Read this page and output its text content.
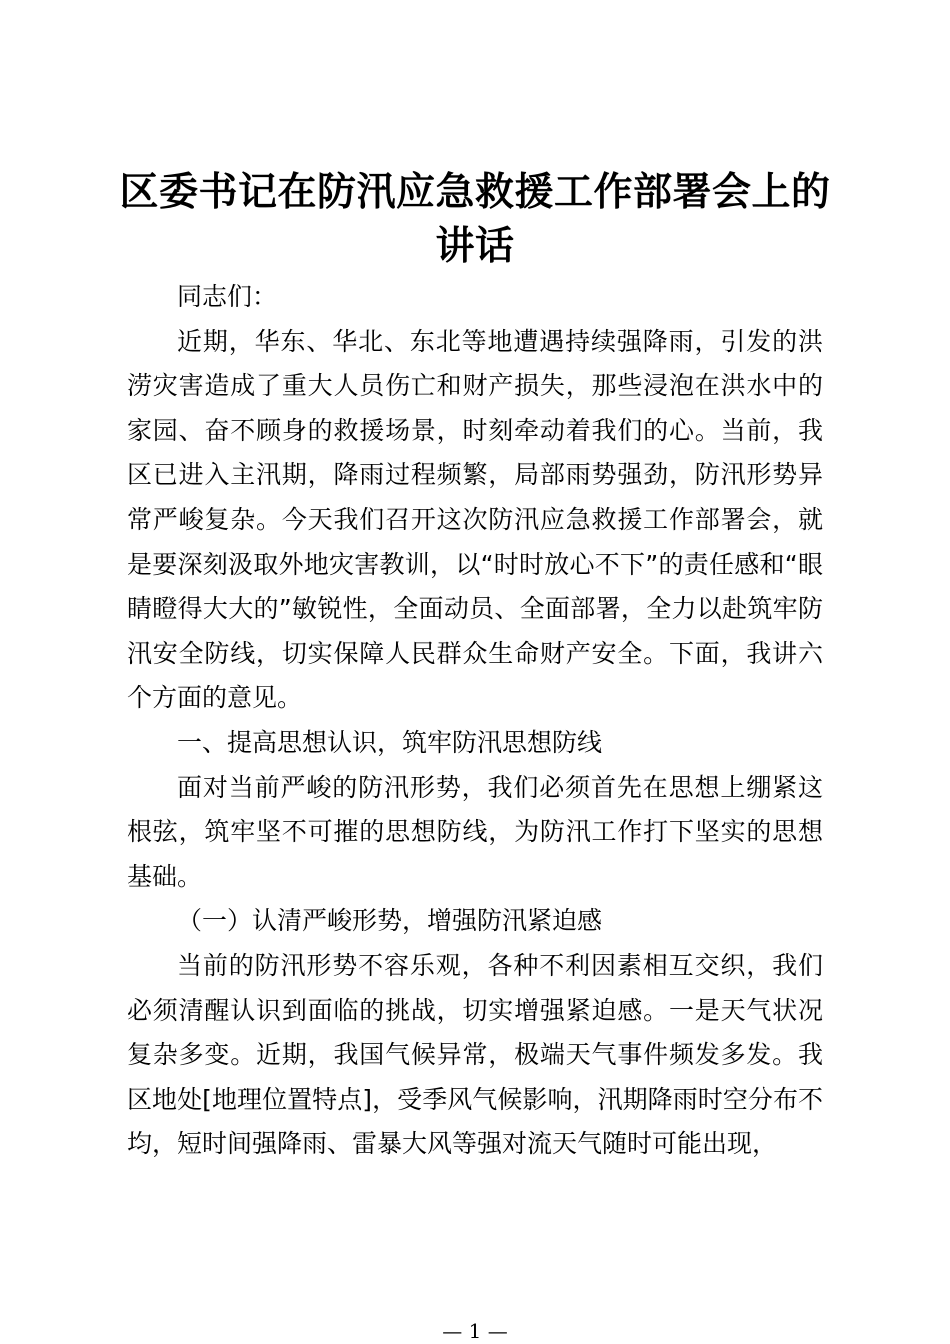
区委书记在防汛应急救援工作部署会上的讲话

同志们：

近期，华东、华北、东北等地遭遇持续强降雨，引发的洪涝灾害造成了重大人员伤亡和财产损失，那些浸泡在洪水中的家园、奋不顾身的救援场景，时刻牵动着我们的心。当前，我区已进入主汛期，降雨过程频繁，局部雨势强劲，防汛形势异常严峻复杂。今天我们召开这次防汛应急救援工作部署会，就是要深刻汲取外地灾害教训，以“时时放心不下”的责任感和“眼睛瞪得大大的”敏锐性，全面动员、全面部署，全力以赴筑牢防汛安全防线，切实保障人民群众生命财产安全。下面，我讲六个方面的意见。

一、提高思想认识，筑牢防汛思想防线

面对当前严峻的防汛形势，我们必须首先在思想上绷紧这根弦，筑牢坚不可摧的思想防线，为防汛工作打下坚实的思想基础。

（一）认清严峻形势，增强防汛紧迫感

当前的防汛形势不容乐观，各种不利因素相互交织，我们必须清醒认识到面临的挑战，切实增强紧迫感。一是天气状况复杂多变。近期，我国气候异常，极端天气事件频发多发。我区地处[地理位置特点]，受季风气候影响，汛期降雨时空分布不均，短时间强降雨、雷暴大风等强对流天气随时可能出现，

— 1 —
